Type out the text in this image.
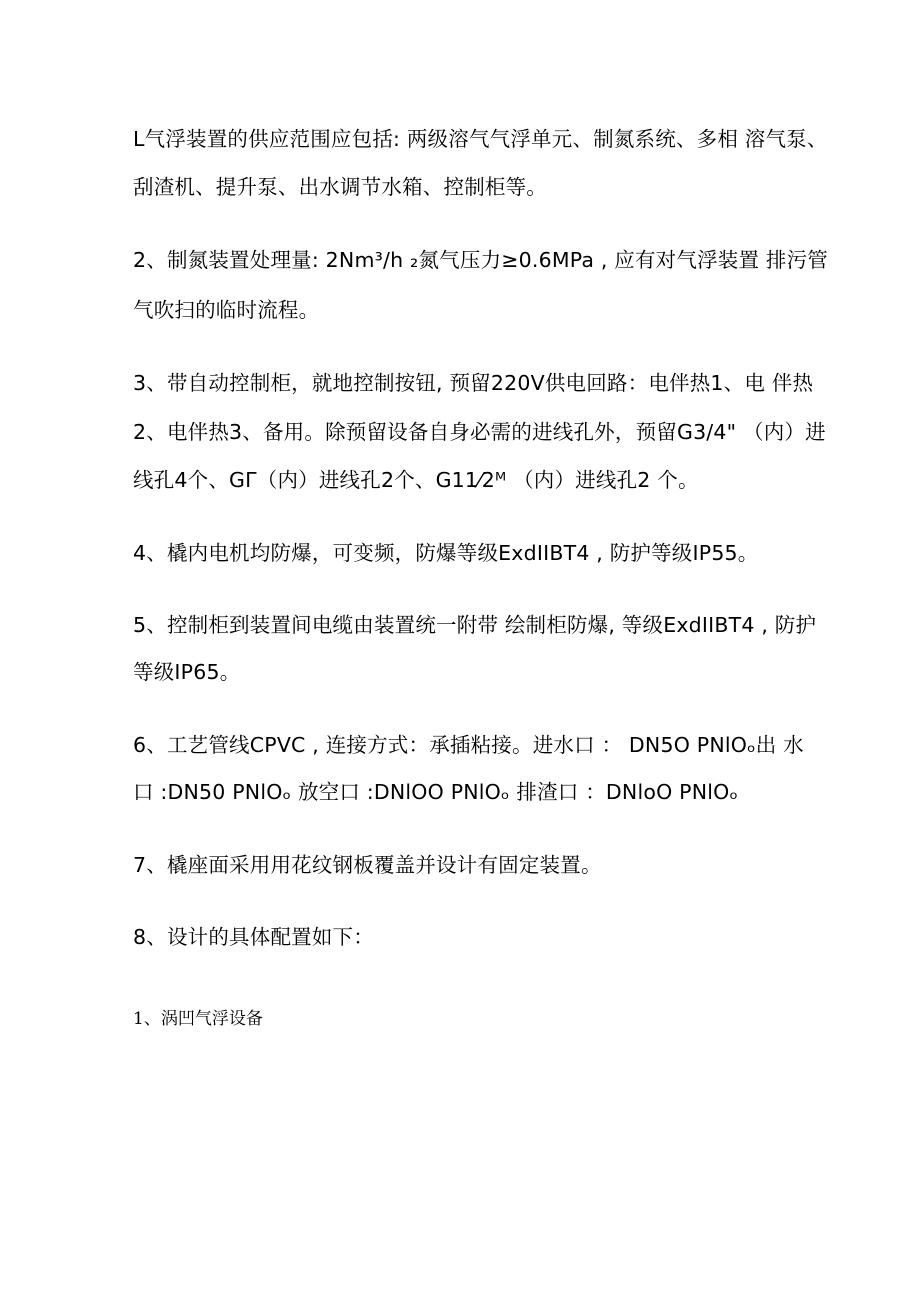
L气浮装置的供应范围应包括: 两级溶气气浮单元、制氮系统、多相 溶气泵、
刮渣机、提升泵、出水调节水箱、控制柜等。
2、制氮装置处理量: 2Nm³∕h ₂氮气压力≥0.6MPa , 应有对气浮装置 排污管
气吹扫的临时流程。
3、带自动控制柜，就地控制按钮, 预留220V供电回路：电伴热1、电 伴热
2、电伴热3、备用。除预留设备自身必需的进线孔外，预留G3/4" （内）进
线孔4个、GΓ（内）进线孔2个、G11⁄2ᴹ （内）进线孔2 个。
4、橇内电机均防爆，可变频，防爆等级ExdIIBT4 , 防护等级IP55。
5、控制柜到装置间电缆由装置统一附带 绘制柜防爆, 等级ExdIIBT4 , 防护
等级IP65。
6、工艺管线CPVC , 连接方式：承插粘接。进水口 ： DN5O PNlOₒ出 水
口 :DN50 PNlOₒ 放空口 :DNlOO PNlOₒ 排渣口 ：DNloO PNlOₒ
7、橇座面采用用花纹钢板覆盖并设计有固定装置。
8、设计的具体配置如下：
1、涡凹气浮设备
